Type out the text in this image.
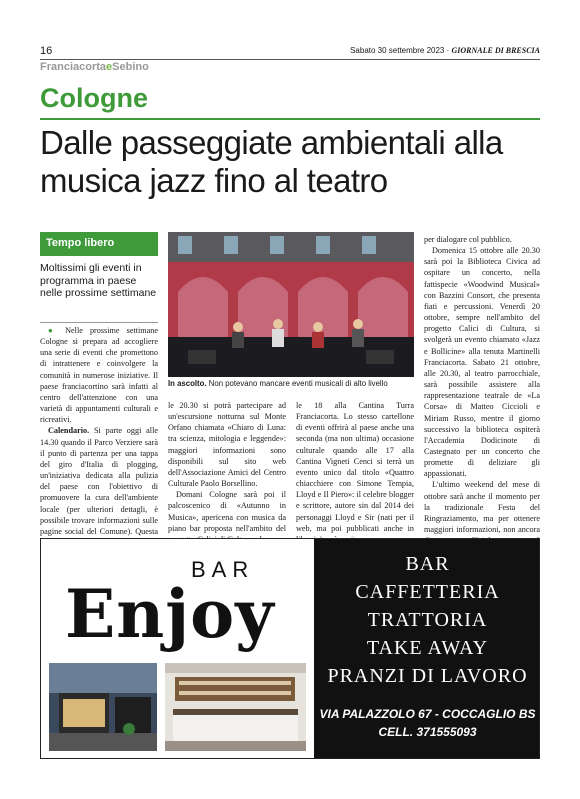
16	Sabato 30 settembre 2023 · GIORNALE DI BRESCIA
FranciacortaeSebino
Cologne
Dalle passeggiate ambientali alla musica jazz fino al teatro
Tempo libero
Moltissimi gli eventi in programma in paese nelle prossime settimane

● Nelle prossime settimane Cologne si prepara ad accogliere una serie di eventi che promettono di intrattenere e coinvolgere la comunità in numerose iniziative. Il paese franciacortino sarà infatti al centro dell'attenzione con una varietà di appuntamenti culturali e ricreativi.

Calendario. Si parte oggi alle 14.30 quando il Parco Verziere sarà il punto di partenza per una tappa del giro d'Italia di plogging, un'iniziativa dedicata alla pulizia del paese con l'obiettivo di promuovere la cura dell'ambiente locale (per ulteriori dettagli, è possibile trovare informazioni sulle pagine social del Comune). Questa

In ascolto. Non potevano mancare eventi musicali di alto livello

le 20.30 si potrà partecipare ad un'escursione notturna sul Monte Orfano chiamata «Chiaro di Luna: tra scienza, mitologia e leggende»: maggiori informazioni sono disponibili sul sito web dell'Associazione Amici del Centro Culturale Paolo Borsellino.

Domani Cologne sarà poi il palcoscenico di «Autunno in Musica», apericena con musica da piano bar proposta nell'ambito del

le 18 alla Cantina Turra Franciacorta. Lo stesso cartellone di eventi offrirà al paese anche una seconda (ma non ultima) occasione culturale quando alle 17 alla Cantina Vigneti Cenci si terrà un evento unico dal titolo «Quattro chiacchiere con Simone Tempia, Lloyd e Il Piero»: il celebre blogger e scrittore, autore sin dal 2014 dei personaggi Lloyd e Sir (nati per il web, ma poi pubblicati anche in

per dialogare col pubblico.

Domenica 15 ottobre alle 20.30 sarà poi la Biblioteca Civica ad ospitare un concerto, nella fattispecie «Woodwind Musical» con Bazzini Consort, che presenta fiati e percussioni. Venerdì 20 ottobre, sempre nell'ambito del progetto Calici di Cultura, si svolgerà un evento chiamato «Jazz e Bollicine» alla tenuta Martinelli Franciacorta. Sabato 21 ottobre, alle 20.30, al teatro parrocchiale, sarà possibile assistere alla rappresentazione teatrale de «La Corsa» di Matteo Ciccioli e Miriam Russo, mentre il giorno successivo la biblioteca ospiterà l'Accademia Dodicinote di Castegnato per un concerto che promette di deliziare gli appassionati.

L'ultimo weekend del mese di ottobre sarà anche il momento per la tradizionale Festa del Ringraziamento, ma per ottenere maggiori informazioni, non ancora

BAR
Enjoy
BAR
CAFFETTERIA
TRATTORIA
TAKE AWAY
PRANZI DI LAVORO
VIA PALAZZOLO 67 - COCCAGLIO BS
CELL. 371555093
